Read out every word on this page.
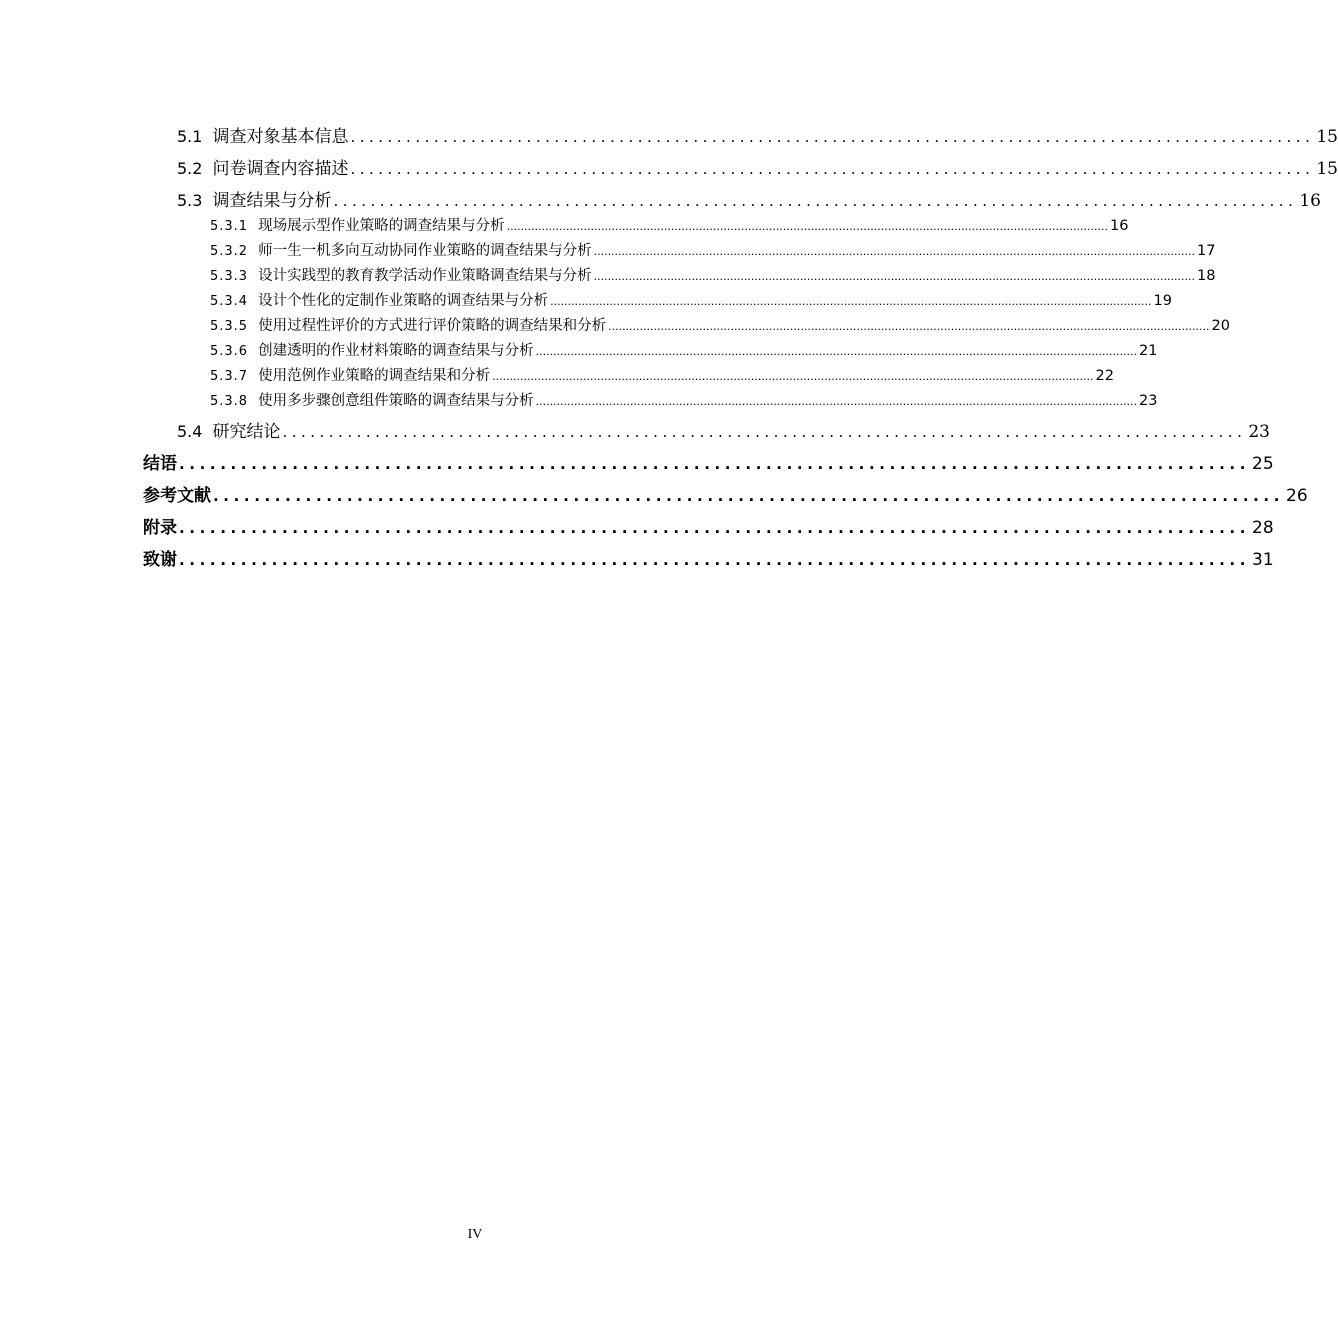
5.1 调查对象基本信息 ........................................................................................................ 15
5.2 问卷调查内容描述 ........................................................................................................ 15
5.3 调查结果与分析 ........................................................................................................ 16
5.3.1 现场展示型作业策略的调查结果与分析 ............................................................................................................................................................................ 16
5.3.2 师一生一机多向互动协同作业策略的调查结果与分析 ............................................................................................................................................................................ 17
5.3.3 设计实践型的教育教学活动作业策略调查结果与分析 ............................................................................................................................................................................ 18
5.3.4 设计个性化的定制作业策略的调查结果与分析 ............................................................................................................................................................................ 19
5.3.5 使用过程性评价的方式进行评价策略的调查结果和分析 ............................................................................................................................................................................ 20
5.3.6 创建透明的作业材料策略的调查结果与分析 ............................................................................................................................................................................ 21
5.3.7 使用范例作业策略的调查结果和分析 ............................................................................................................................................................................ 22
5.3.8 使用多步骤创意组件策略的调查结果与分析 ............................................................................................................................................................................ 23
5.4 研究结论 ........................................................................................................ 23
结语 ........................................................................................................ 25
参考文献 ........................................................................................................ 26
附录 ........................................................................................................ 28
致谢 ........................................................................................................ 31
IV
